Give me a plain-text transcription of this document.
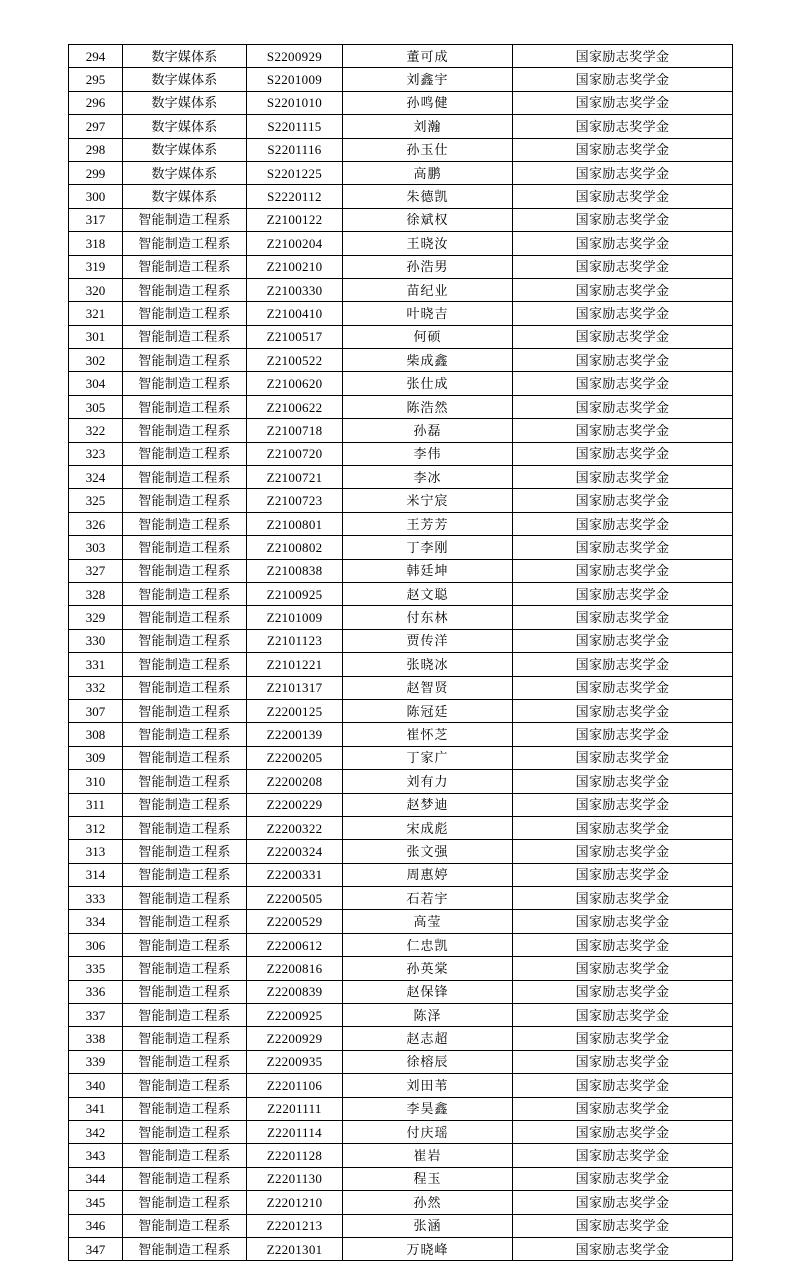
294	数字媒体系	S2200929	董可成	国家励志奖学金
295	数字媒体系	S2201009	刘鑫宇	国家励志奖学金
296	数字媒体系	S2201010	孙鸣健	国家励志奖学金
297	数字媒体系	S2201115	刘瀚	国家励志奖学金
298	数字媒体系	S2201116	孙玉仕	国家励志奖学金
299	数字媒体系	S2201225	高鹏	国家励志奖学金
300	数字媒体系	S2220112	朱德凯	国家励志奖学金
317	智能制造工程系	Z2100122	徐斌权	国家励志奖学金
318	智能制造工程系	Z2100204	王晓汝	国家励志奖学金
319	智能制造工程系	Z2100210	孙浩男	国家励志奖学金
320	智能制造工程系	Z2100330	苗纪业	国家励志奖学金
321	智能制造工程系	Z2100410	叶晓吉	国家励志奖学金
301	智能制造工程系	Z2100517	何硕	国家励志奖学金
302	智能制造工程系	Z2100522	柴成鑫	国家励志奖学金
304	智能制造工程系	Z2100620	张仕成	国家励志奖学金
305	智能制造工程系	Z2100622	陈浩然	国家励志奖学金
322	智能制造工程系	Z2100718	孙磊	国家励志奖学金
323	智能制造工程系	Z2100720	李伟	国家励志奖学金
324	智能制造工程系	Z2100721	李冰	国家励志奖学金
325	智能制造工程系	Z2100723	米宁宸	国家励志奖学金
326	智能制造工程系	Z2100801	王芳芳	国家励志奖学金
303	智能制造工程系	Z2100802	丁李刚	国家励志奖学金
327	智能制造工程系	Z2100838	韩廷坤	国家励志奖学金
328	智能制造工程系	Z2100925	赵文聪	国家励志奖学金
329	智能制造工程系	Z2101009	付东林	国家励志奖学金
330	智能制造工程系	Z2101123	贾传洋	国家励志奖学金
331	智能制造工程系	Z2101221	张晓冰	国家励志奖学金
332	智能制造工程系	Z2101317	赵智贤	国家励志奖学金
307	智能制造工程系	Z2200125	陈冠廷	国家励志奖学金
308	智能制造工程系	Z2200139	崔怀芝	国家励志奖学金
309	智能制造工程系	Z2200205	丁家广	国家励志奖学金
310	智能制造工程系	Z2200208	刘有力	国家励志奖学金
311	智能制造工程系	Z2200229	赵梦迪	国家励志奖学金
312	智能制造工程系	Z2200322	宋成彪	国家励志奖学金
313	智能制造工程系	Z2200324	张文强	国家励志奖学金
314	智能制造工程系	Z2200331	周惠婷	国家励志奖学金
333	智能制造工程系	Z2200505	石若宇	国家励志奖学金
334	智能制造工程系	Z2200529	高莹	国家励志奖学金
306	智能制造工程系	Z2200612	仁忠凯	国家励志奖学金
335	智能制造工程系	Z2200816	孙英棠	国家励志奖学金
336	智能制造工程系	Z2200839	赵保锋	国家励志奖学金
337	智能制造工程系	Z2200925	陈泽	国家励志奖学金
338	智能制造工程系	Z2200929	赵志超	国家励志奖学金
339	智能制造工程系	Z2200935	徐榕辰	国家励志奖学金
340	智能制造工程系	Z2201106	刘田苇	国家励志奖学金
341	智能制造工程系	Z2201111	李昊鑫	国家励志奖学金
342	智能制造工程系	Z2201114	付庆瑶	国家励志奖学金
343	智能制造工程系	Z2201128	崔岩	国家励志奖学金
344	智能制造工程系	Z2201130	程玉	国家励志奖学金
345	智能制造工程系	Z2201210	孙然	国家励志奖学金
346	智能制造工程系	Z2201213	张涵	国家励志奖学金
347	智能制造工程系	Z2201301	万晓峰	国家励志奖学金
